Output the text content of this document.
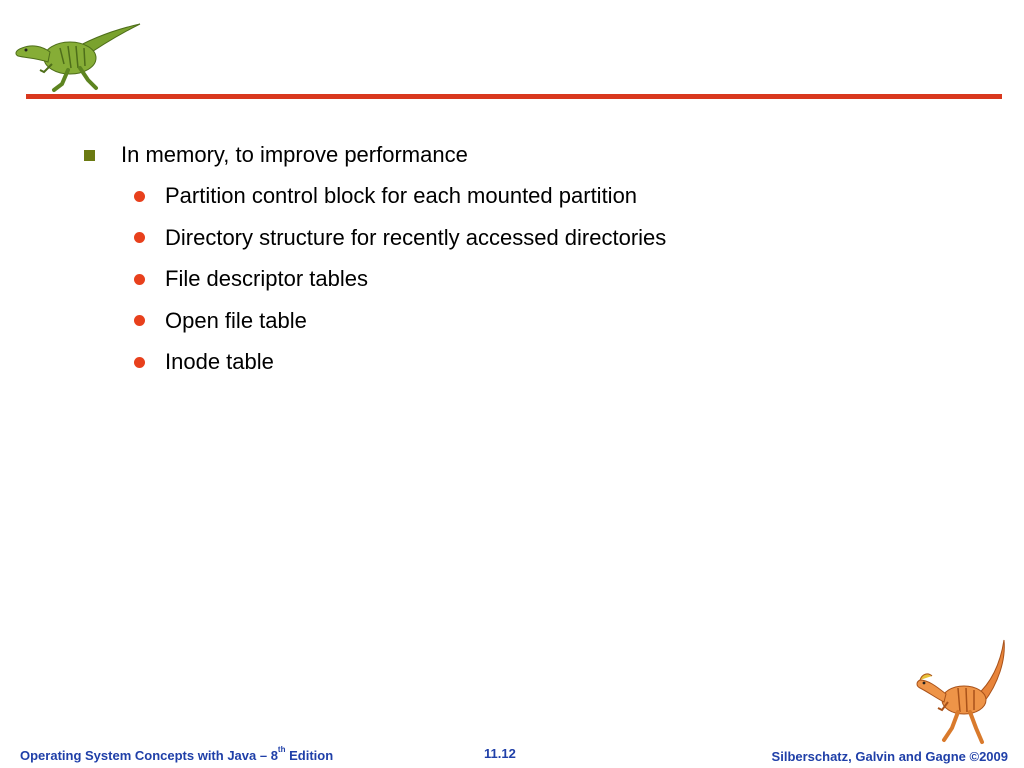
In memory, to improve performance
Partition control block for each mounted partition
Directory structure for recently accessed directories
File descriptor tables
Open file table
Inode table
Operating System Concepts with Java – 8th Edition	11.12	Silberschatz, Galvin and Gagne ©2009
